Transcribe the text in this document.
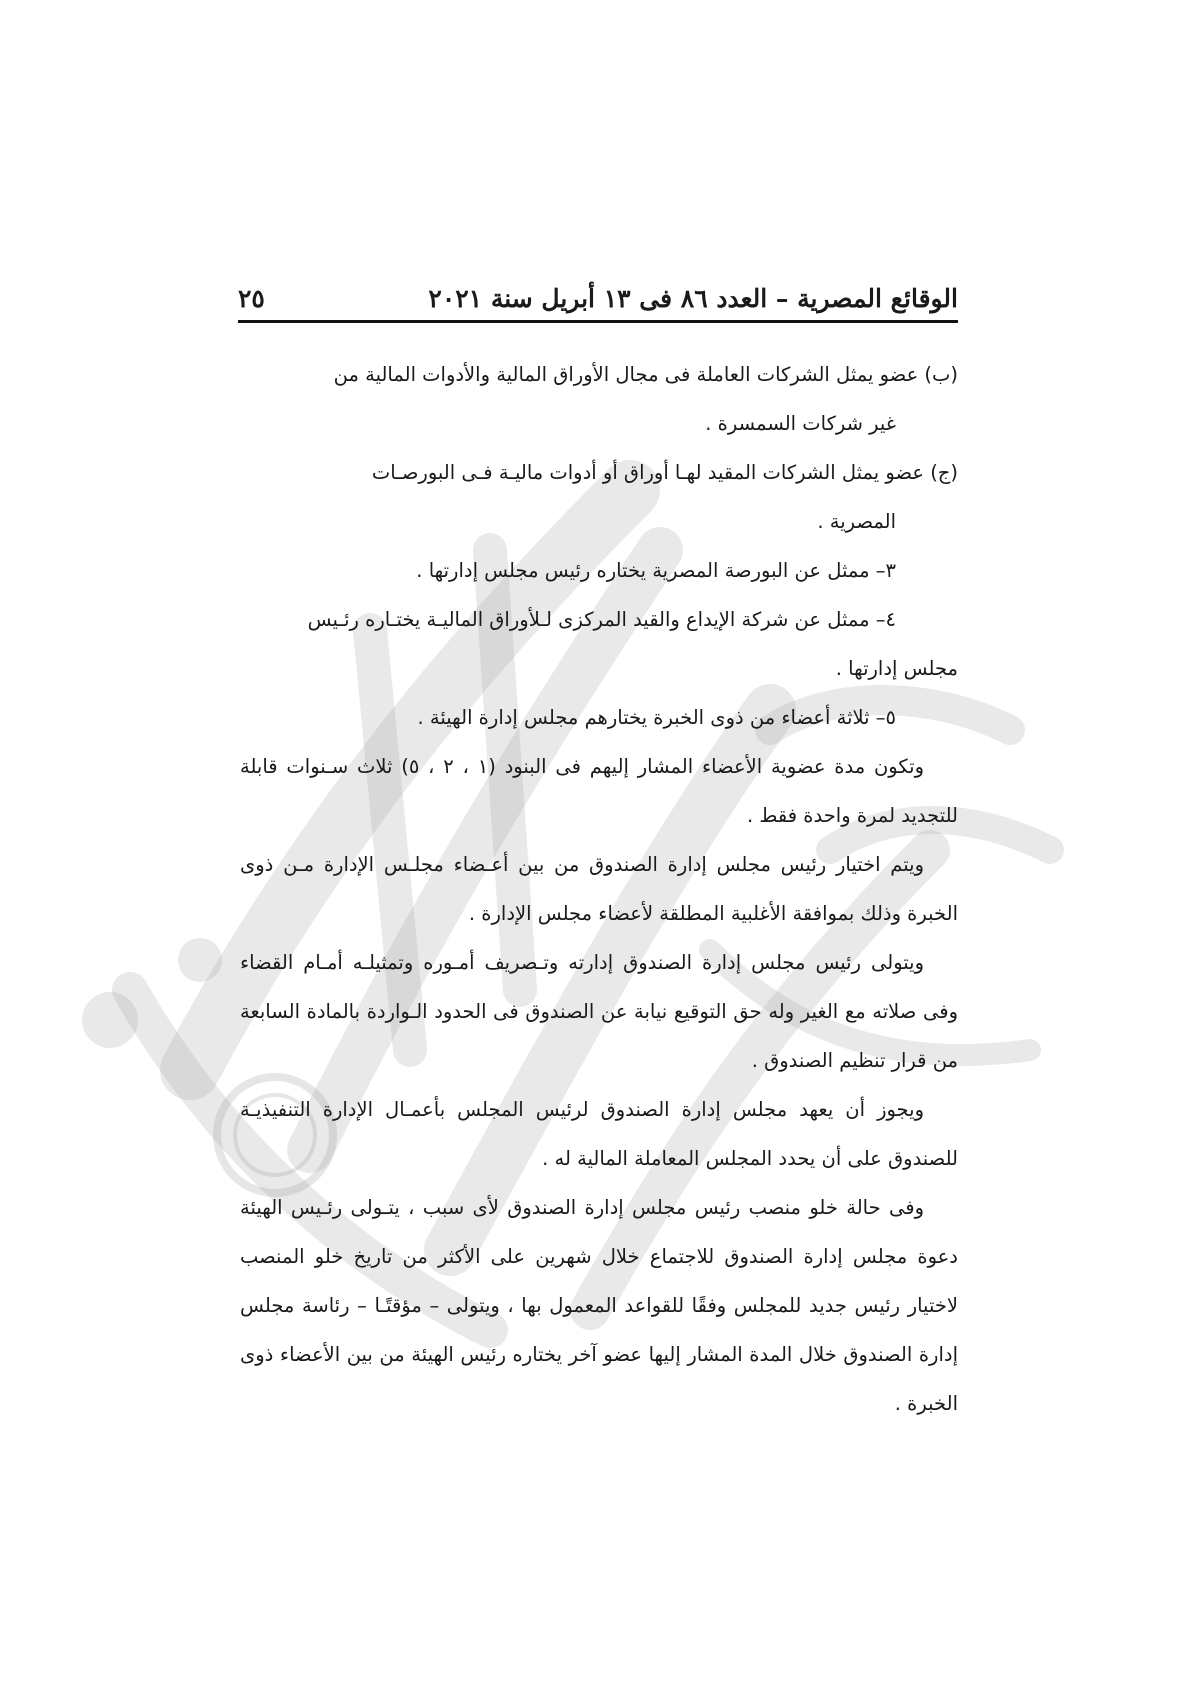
الوقائع المصرية – العدد ٨٦ فى ١٣ أبريل سنة ٢٠٢١
٢٥

(ب) عضو يمثل الشركات العاملة فى مجال الأوراق المالية والأدوات المالية من
غير شركات السمسرة .

(ج) عضو يمثل الشركات المقيد لهـا أوراق أو أدوات ماليـة فـى البورصـات
المصرية .

٣– ممثل عن البورصة المصرية يختاره رئيس مجلس إدارتها .

٤– ممثل عن شركة الإيداع والقيد المركزى لـلأوراق الماليـة يختـاره رئـيس
مجلس إدارتها .

٥– ثلاثة أعضاء من ذوى الخبرة يختارهم مجلس إدارة الهيئة .

وتكون مدة عضوية الأعضاء المشار إليهم فى البنود (١ ، ٢ ، ٥) ثلاث سـنوات قابلة للتجديد لمرة واحدة فقط .

ويتم اختيار رئيس مجلس إدارة الصندوق من بين أعـضاء مجلـس الإدارة مـن ذوى الخبرة وذلك بموافقة الأغلبية المطلقة لأعضاء مجلس الإدارة .

ويتولى رئيس مجلس إدارة الصندوق إدارته وتـصريف أمـوره وتمثيلـه أمـام القضاء وفى صلاته مع الغير وله حق التوقيع نيابة عن الصندوق فى الحدود الـواردة بالمادة السابعة من قرار تنظيم الصندوق .

ويجوز أن يعهد مجلس إدارة الصندوق لرئيس المجلس بأعمـال الإدارة التنفيذيـة للصندوق على أن يحدد المجلس المعاملة المالية له .

وفى حالة خلو منصب رئيس مجلس إدارة الصندوق لأى سبب ، يتـولى رئـيس الهيئة دعوة مجلس إدارة الصندوق للاجتماع خلال شهرين على الأكثر من تاريخ خلو المنصب لاختيار رئيس جديد للمجلس وفقًا للقواعد المعمول بها ، ويتولى – مؤقتًـا – رئاسة مجلس إدارة الصندوق خلال المدة المشار إليها عضو آخر يختاره رئيس الهيئة من بين الأعضاء ذوى الخبرة .
